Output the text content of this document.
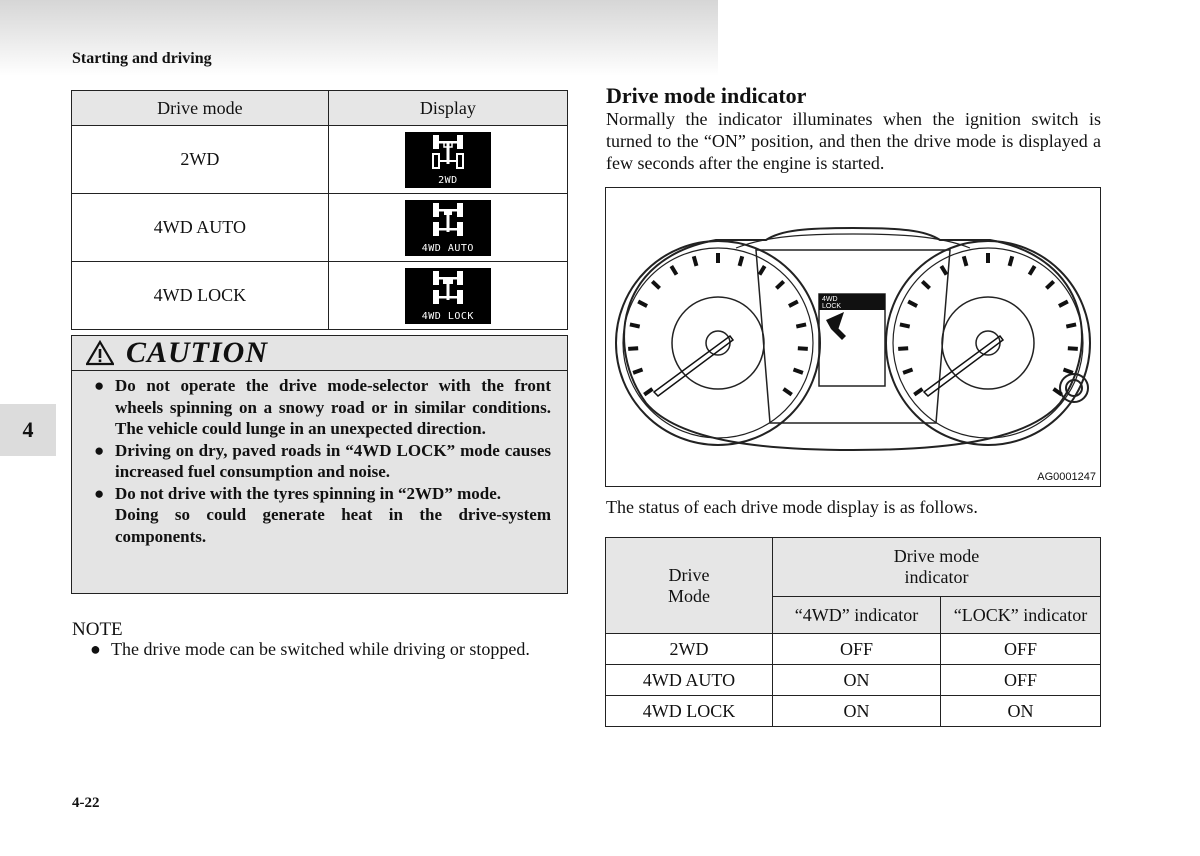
Starting and driving
4
4-22
Drive mode	Display
2WD	2WD

4WD AUTO	4WD AUTO

4WD LOCK	4WD LOCK
CAUTION
● Do not operate the drive mode-selector with the front wheels spinning on a snowy road or in similar conditions. The vehicle could lunge in an unexpected direction.
● Driving on dry, paved roads in “4WD LOCK” mode causes increased fuel consumption and noise.
● Do not drive with the tyres spinning in “2WD” mode.
Doing so could generate heat in the drive-system components.
NOTE
● The drive mode can be switched while driving or stopped.
Drive mode indicator
Normally the indicator illuminates when the ignition switch is turned to the “ON” position, and then the drive mode is displayed a few seconds after the engine is started.
4WD
LOCK
AG0001247
The status of each drive mode display is as follows.
Drive Mode	Drive mode indicator	
	“4WD” indicator	“LOCK” indicator
2WD	OFF	OFF
4WD AUTO	ON	OFF
4WD LOCK	ON	ON
